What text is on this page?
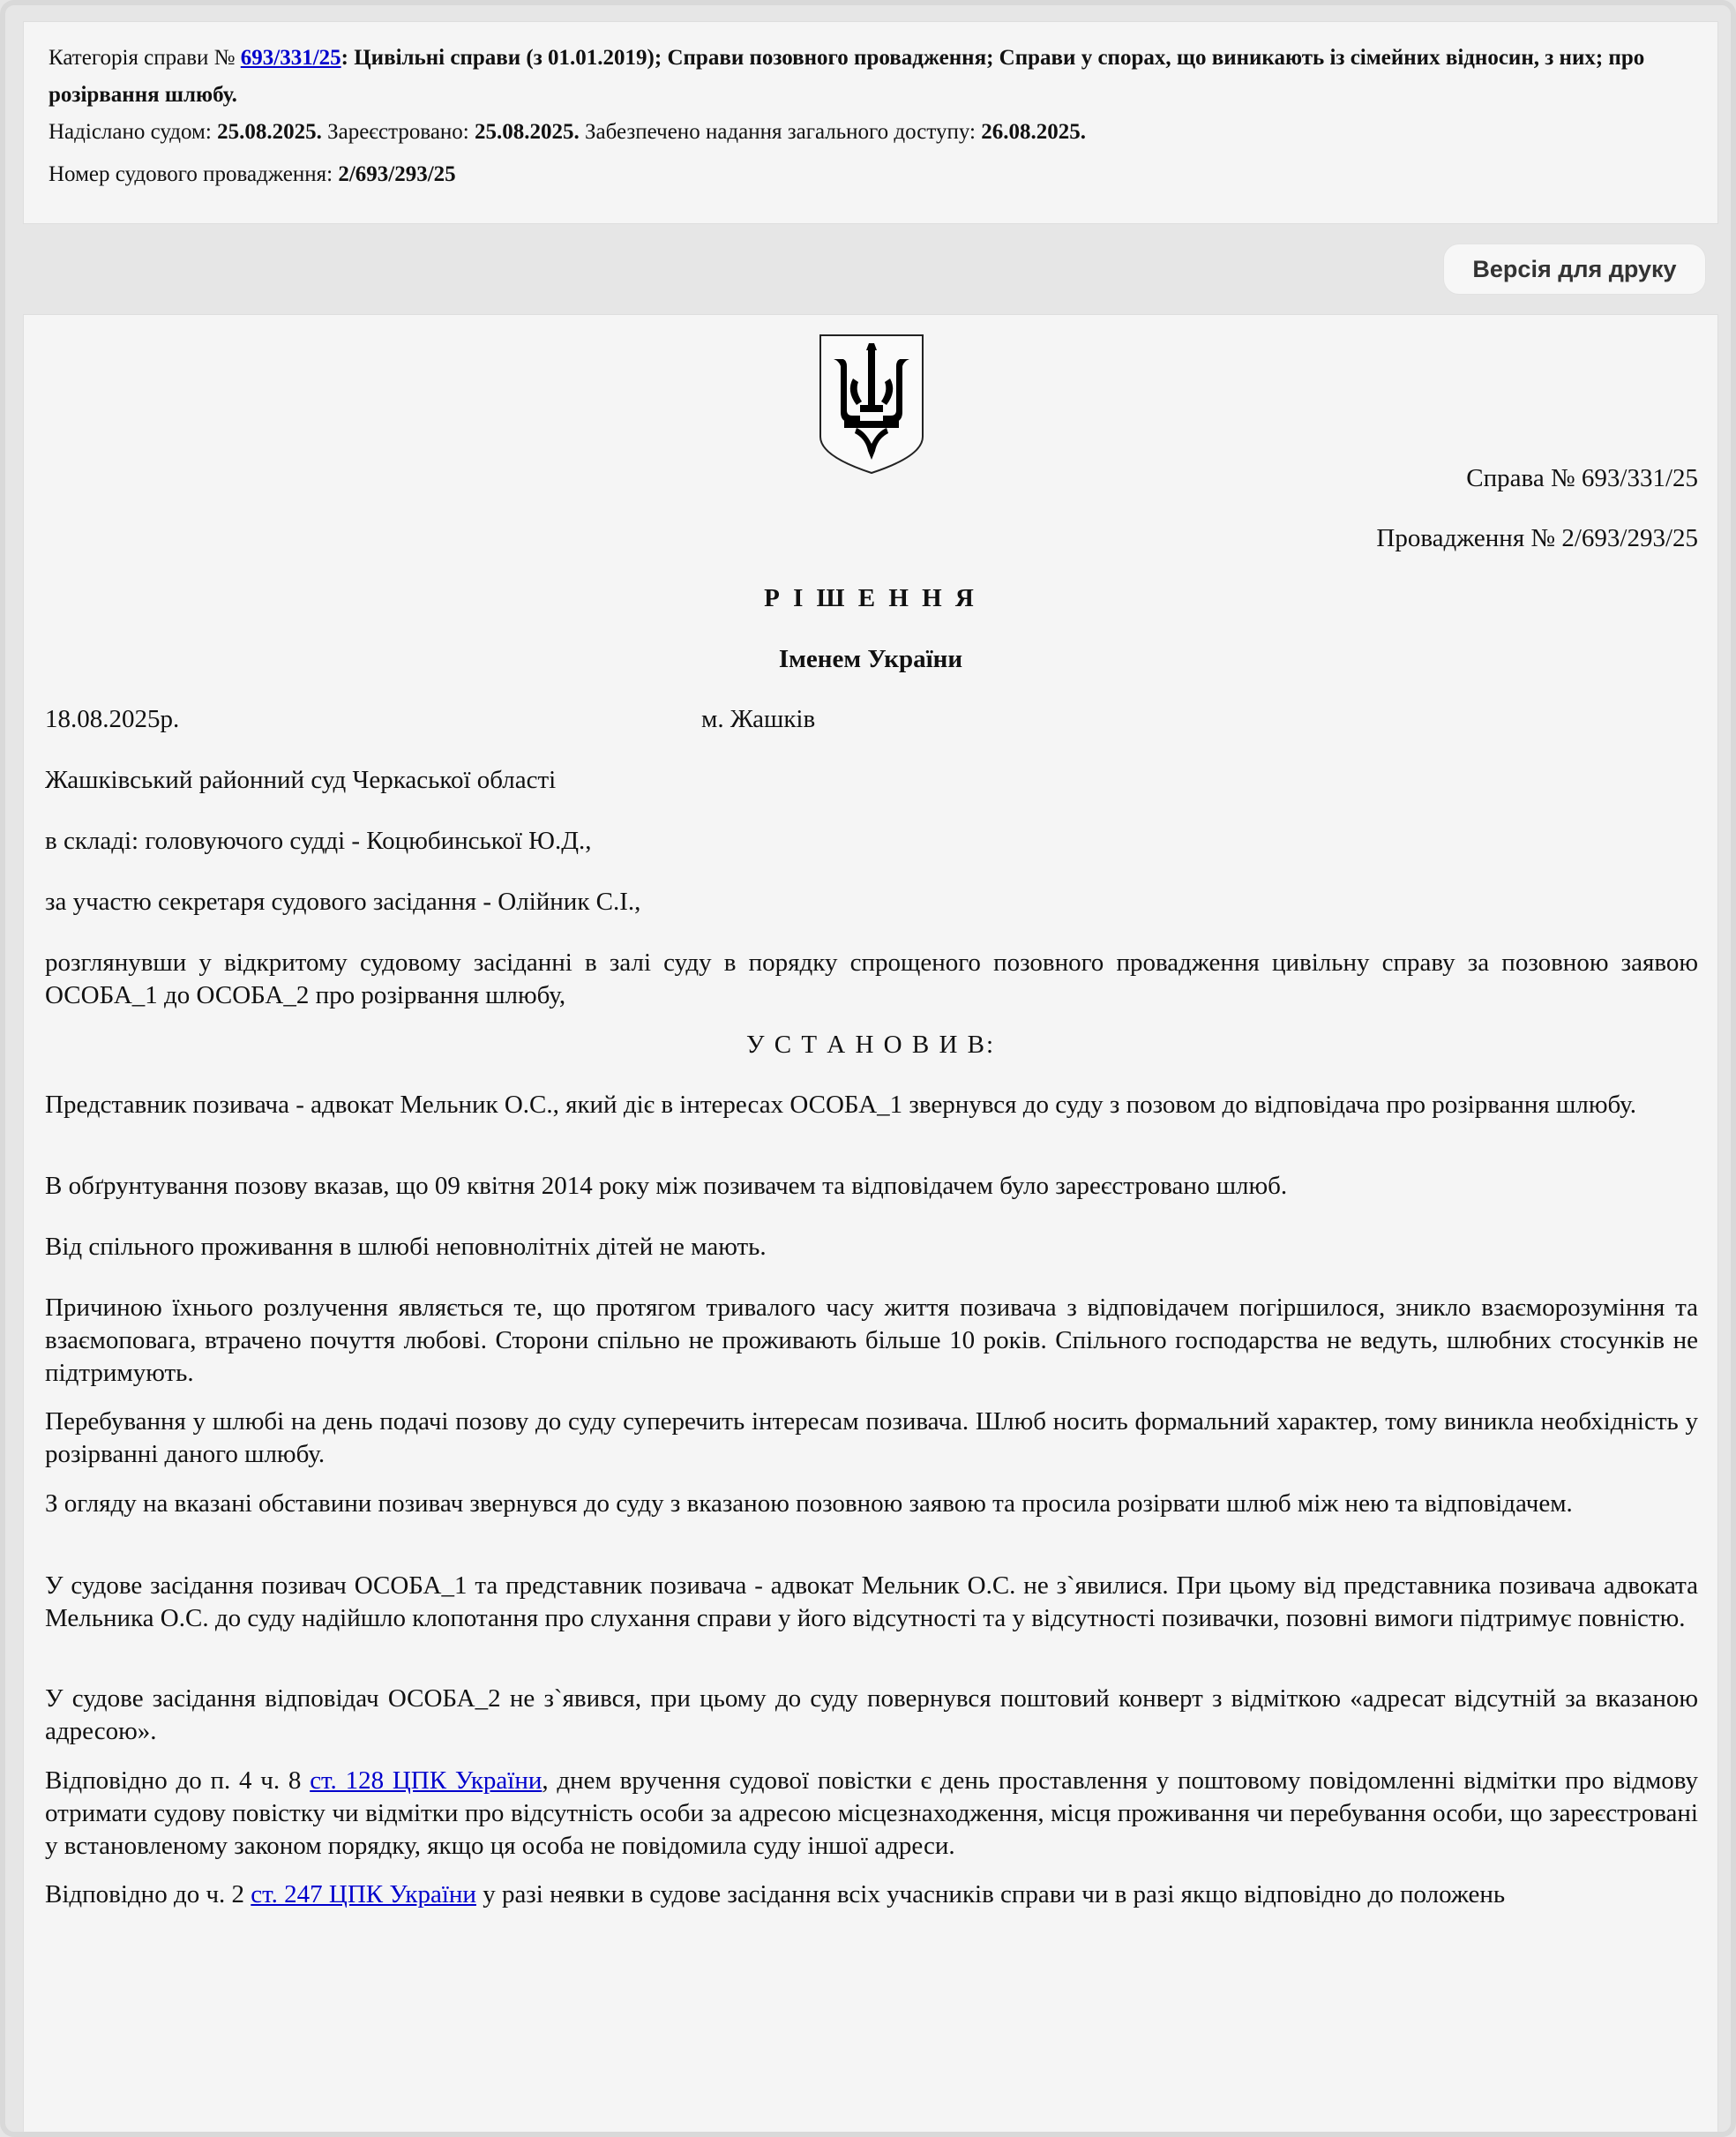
Категорія справи № 693/331/25: Цивільні справи (з 01.01.2019); Справи позовного провадження; Справи у спорах, що виникають із сімейних відносин, з них; про розірвання шлюбу.

Надіслано судом: 25.08.2025. Зареєстровано: 25.08.2025. Забезпечено надання загального доступу: 26.08.2025.

Номер судового провадження: 2/693/293/25

Версія для друку
Справа № 693/331/25
Провадження № 2/693/293/25
Р І Ш Е Н Н Я
Іменем України
18.08.2025р.	м. Жашків
Жашківський районний суд Черкаської області
в складі: головуючого судді - Коцюбинської Ю.Д.,
за участю секретаря судового засідання - Олійник С.І.,
розглянувши у відкритому судовому засіданні в залі суду в порядку спрощеного позовного провадження цивільну справу за позовною заявою ОСОБА_1 до ОСОБА_2 про розірвання шлюбу,
У С Т А Н О В И В:
Представник позивача - адвокат Мельник О.С., який діє в інтересах ОСОБА_1 звернувся до суду з позовом до відповідача про розірвання шлюбу.
В обґрунтування позову вказав, що 09 квітня 2014 року між позивачем та відповідачем було зареєстровано шлюб.
Від спільного проживання в шлюбі неповнолітніх дітей не мають.
Причиною їхнього розлучення являється те, що протягом тривалого часу життя позивача з відповідачем погіршилося, зникло взаєморозуміння та взаємоповага, втрачено почуття любові. Сторони спільно не проживають більше 10 років. Спільного господарства не ведуть, шлюбних стосунків не підтримують.
Перебування у шлюбі на день подачі позову до суду суперечить інтересам позивача. Шлюб носить формальний характер, тому виникла необхідність у розірванні даного шлюбу.
З огляду на вказані обставини позивач звернувся до суду з вказаною позовною заявою та просила розірвати шлюб між нею та відповідачем.
У судове засідання позивач ОСОБА_1 та представник позивача - адвокат Мельник О.С. не з`явилися. При цьому від представника позивача адвоката Мельника О.С. до суду надійшло клопотання про слухання справи у його відсутності та у відсутності позивачки, позовні вимоги підтримує повністю.
У судове засідання відповідач ОСОБА_2 не з`явився, при цьому до суду повернувся поштовий конверт з відміткою «адресат відсутній за вказаною адресою».
Відповідно до п. 4 ч. 8 ст. 128 ЦПК України, днем вручення судової повістки є день проставлення у поштовому повідомленні відмітки про відмову отримати судову повістку чи відмітки про відсутність особи за адресою місцезнаходження, місця проживання чи перебування особи, що зареєстровані у встановленому законом порядку, якщо ця особа не повідомила суду іншої адреси.
Відповідно до ч. 2 ст. 247 ЦПК України у разі неявки в судове засідання всіх учасників справи чи в разі якщо відповідно до положень
